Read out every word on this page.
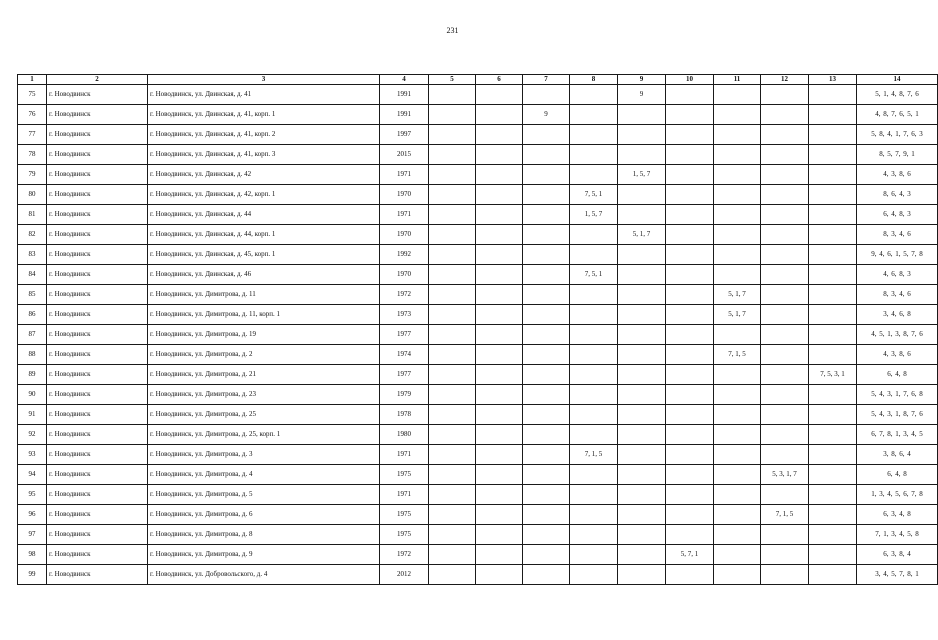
231
1	2	3	4	5	6	7	8	9	10	11	12	13	14
75	г. Новодвинск	г. Новодвинск, ул. Двинская, д. 41	1991					9					5, 1, 4, 8, 7, 6
76	г. Новодвинск	г. Новодвинск, ул. Двинская, д. 41, корп. 1	1991			9							4, 8, 7, 6, 5, 1
77	г. Новодвинск	г. Новодвинск, ул. Двинская, д. 41, корп. 2	1997										5, 8, 4, 1, 7, 6, 3
78	г. Новодвинск	г. Новодвинск, ул. Двинская, д. 41, корп. 3	2015										8, 5, 7, 9, 1
79	г. Новодвинск	г. Новодвинск, ул. Двинская, д. 42	1971					1, 5, 7					4, 3, 8, 6
80	г. Новодвинск	г. Новодвинск, ул. Двинская, д. 42, корп. 1	1970				7, 5, 1						8, 6, 4, 3
81	г. Новодвинск	г. Новодвинск, ул. Двинская, д. 44	1971				1, 5, 7						6, 4, 8, 3
82	г. Новодвинск	г. Новодвинск, ул. Двинская, д. 44, корп. 1	1970					5, 1, 7					8, 3, 4, 6
83	г. Новодвинск	г. Новодвинск, ул. Двинская, д. 45, корп. 1	1992										9, 4, 6, 1, 5, 7, 8
84	г. Новодвинск	г. Новодвинск, ул. Двинская, д. 46	1970				7, 5, 1						4, 6, 8, 3
85	г. Новодвинск	г. Новодвинск, ул. Димитрова, д. 11	1972							5, 1, 7			8, 3, 4, 6
86	г. Новодвинск	г. Новодвинск, ул. Димитрова, д. 11, корп. 1	1973							5, 1, 7			3, 4, 6, 8
87	г. Новодвинск	г. Новодвинск, ул. Димитрова, д. 19	1977										4, 5, 1, 3, 8, 7, 6
88	г. Новодвинск	г. Новодвинск, ул. Димитрова, д. 2	1974							7, 1, 5			4, 3, 8, 6
89	г. Новодвинск	г. Новодвинск, ул. Димитрова, д. 21	1977									7, 5, 3, 1	6, 4, 8
90	г. Новодвинск	г. Новодвинск, ул. Димитрова, д. 23	1979										5, 4, 3, 1, 7, 6, 8
91	г. Новодвинск	г. Новодвинск, ул. Димитрова, д. 25	1978										5, 4, 3, 1, 8, 7, 6
92	г. Новодвинск	г. Новодвинск, ул. Димитрова, д. 25, корп. 1	1980										6, 7, 8, 1, 3, 4, 5
93	г. Новодвинск	г. Новодвинск, ул. Димитрова, д. 3	1971				7, 1, 5						3, 8, 6, 4
94	г. Новодвинск	г. Новодвинск, ул. Димитрова, д. 4	1975								5, 3, 1, 7		6, 4, 8
95	г. Новодвинск	г. Новодвинск, ул. Димитрова, д. 5	1971										1, 3, 4, 5, 6, 7, 8
96	г. Новодвинск	г. Новодвинск, ул. Димитрова, д. 6	1975								7, 1, 5		6, 3, 4, 8
97	г. Новодвинск	г. Новодвинск, ул. Димитрова, д. 8	1975										7, 1, 3, 4, 5, 8
98	г. Новодвинск	г. Новодвинск, ул. Димитрова, д. 9	1972						5, 7, 1				6, 3, 8, 4
99	г. Новодвинск	г. Новодвинск, ул. Добровольского, д. 4	2012										3, 4, 5, 7, 8, 1
